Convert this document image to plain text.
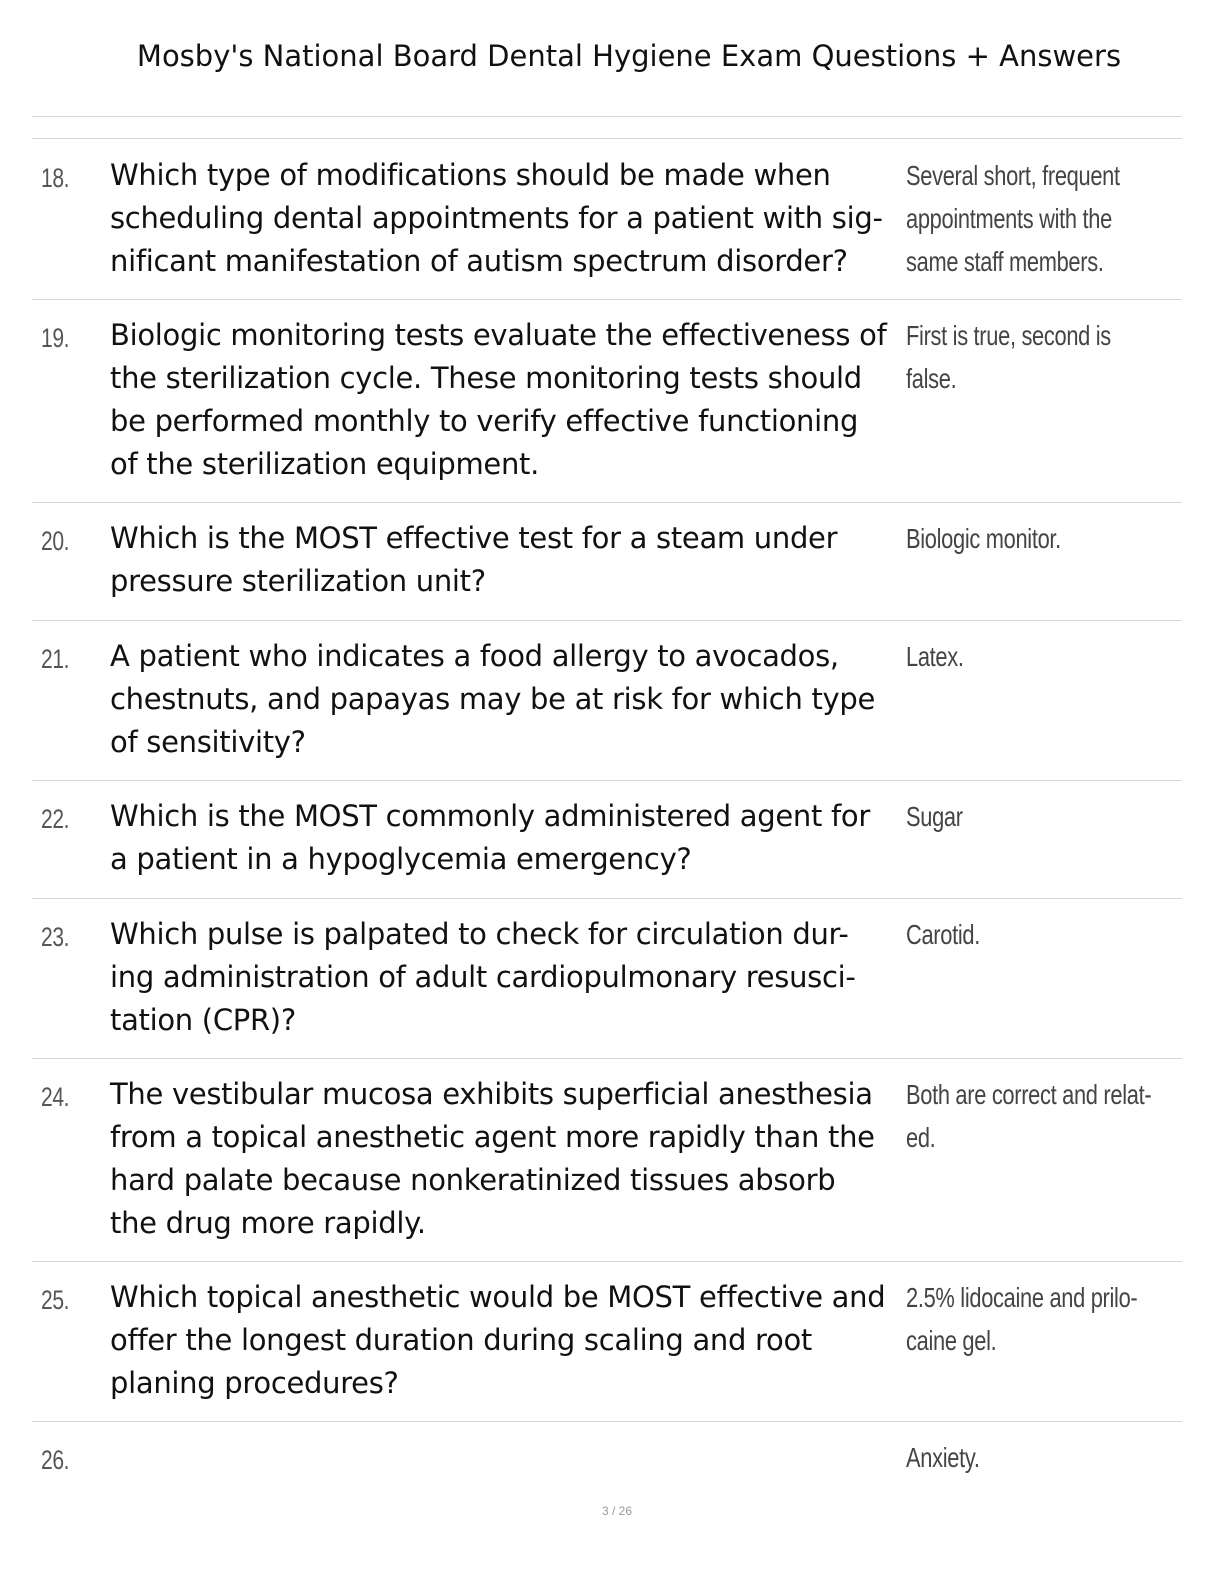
Mosby's National Board Dental Hygiene Exam Questions + Answers
18. Which type of modifications should be made when
scheduling dental appointments for a patient with sig-
nificant manifestation of autism spectrum disorder?
Several short, frequent
appointments with the
same staff members.
19. Biologic monitoring tests evaluate the effectiveness of
the sterilization cycle. These monitoring tests should
be performed monthly to verify effective functioning
of the sterilization equipment.
First is true, second is
false.
20. Which is the MOST effective test for a steam under
pressure sterilization unit?
Biologic monitor.
21. A patient who indicates a food allergy to avocados,
chestnuts, and papayas may be at risk for which type
of sensitivity?
Latex.
22. Which is the MOST commonly administered agent for
a patient in a hypoglycemia emergency?
Sugar
23. Which pulse is palpated to check for circulation dur-
ing administration of adult cardiopulmonary resusci-
tation (CPR)?
Carotid.
24. The vestibular mucosa exhibits superficial anesthesia
from a topical anesthetic agent more rapidly than the
hard palate because nonkeratinized tissues absorb
the drug more rapidly.
Both are correct and relat-
ed.
25. Which topical anesthetic would be MOST effective and
offer the longest duration during scaling and root
planing procedures?
2.5% lidocaine and prilo-
caine gel.
26.	Anxiety.
3 / 26
